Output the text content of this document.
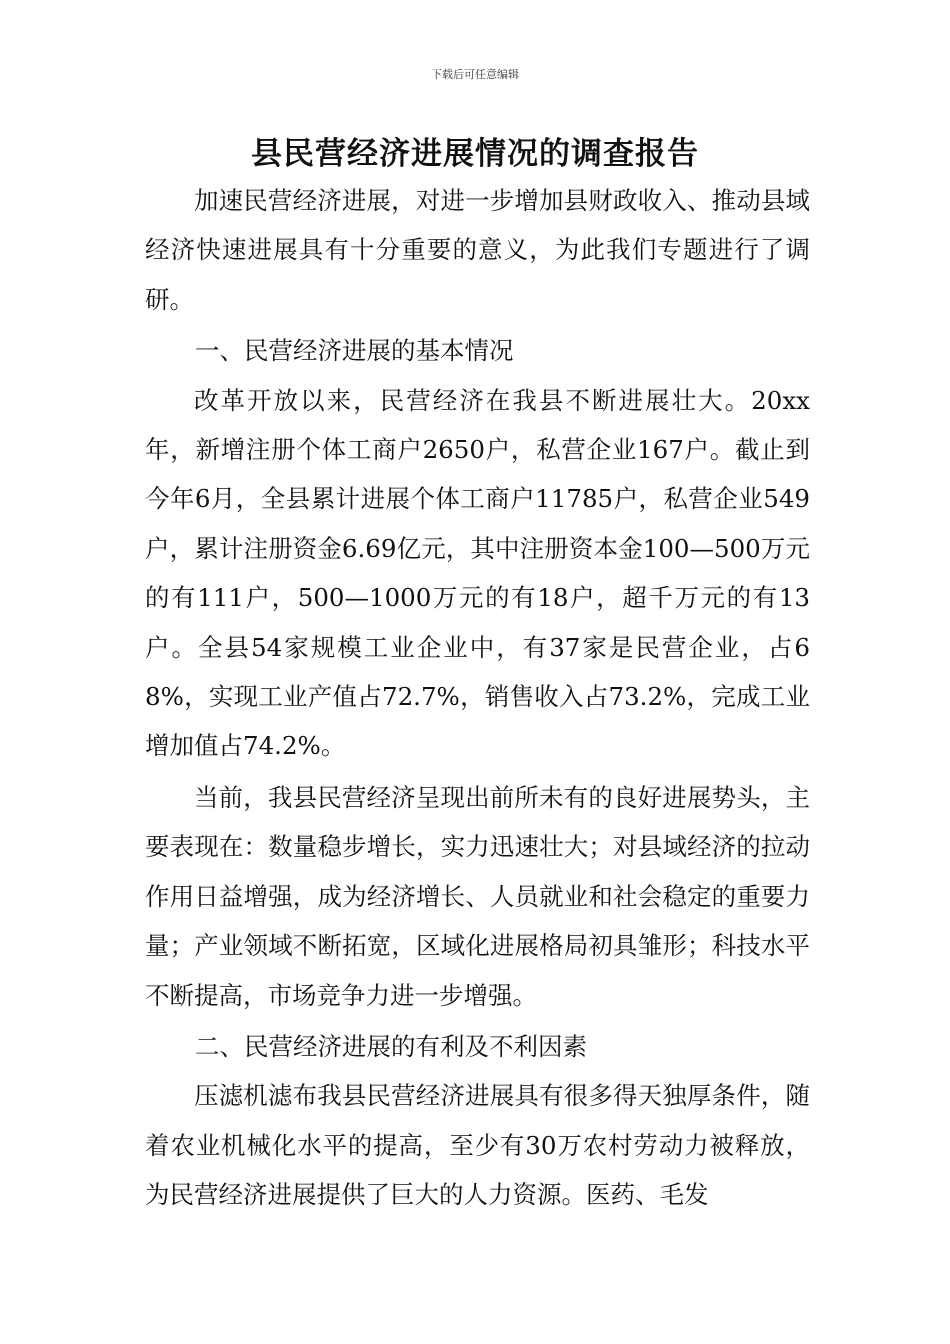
下载后可任意编辑
县民营经济进展情况的调查报告

加速民营经济进展，对进一步增加县财政收入、推动县域经济快速进展具有十分重要的意义，为此我们专题进行了调研。

一、民营经济进展的基本情况

改革开放以来，民营经济在我县不断进展壮大。20xx年，新增注册个体工商户2650户，私营企业167户。截止到今年6月，全县累计进展个体工商户11785户，私营企业549户，累计注册资金6.69亿元，其中注册资本金100—500万元的有111户，500—1000万元的有18户，超千万元的有13户。全县54家规模工业企业中，有37家是民营企业，占68%，实现工业产值占72.7%，销售收入占73.2%，完成工业增加值占74.2%。

当前，我县民营经济呈现出前所未有的良好进展势头，主要表现在：数量稳步增长，实力迅速壮大；对县域经济的拉动作用日益增强，成为经济增长、人员就业和社会稳定的重要力量；产业领域不断拓宽，区域化进展格局初具雏形；科技水平不断提高，市场竞争力进一步增强。

二、民营经济进展的有利及不利因素

压滤机滤布我县民营经济进展具有很多得天独厚条件，随着农业机械化水平的提高，至少有30万农村劳动力被释放，为民营经济进展提供了巨大的人力资源。医药、毛发
